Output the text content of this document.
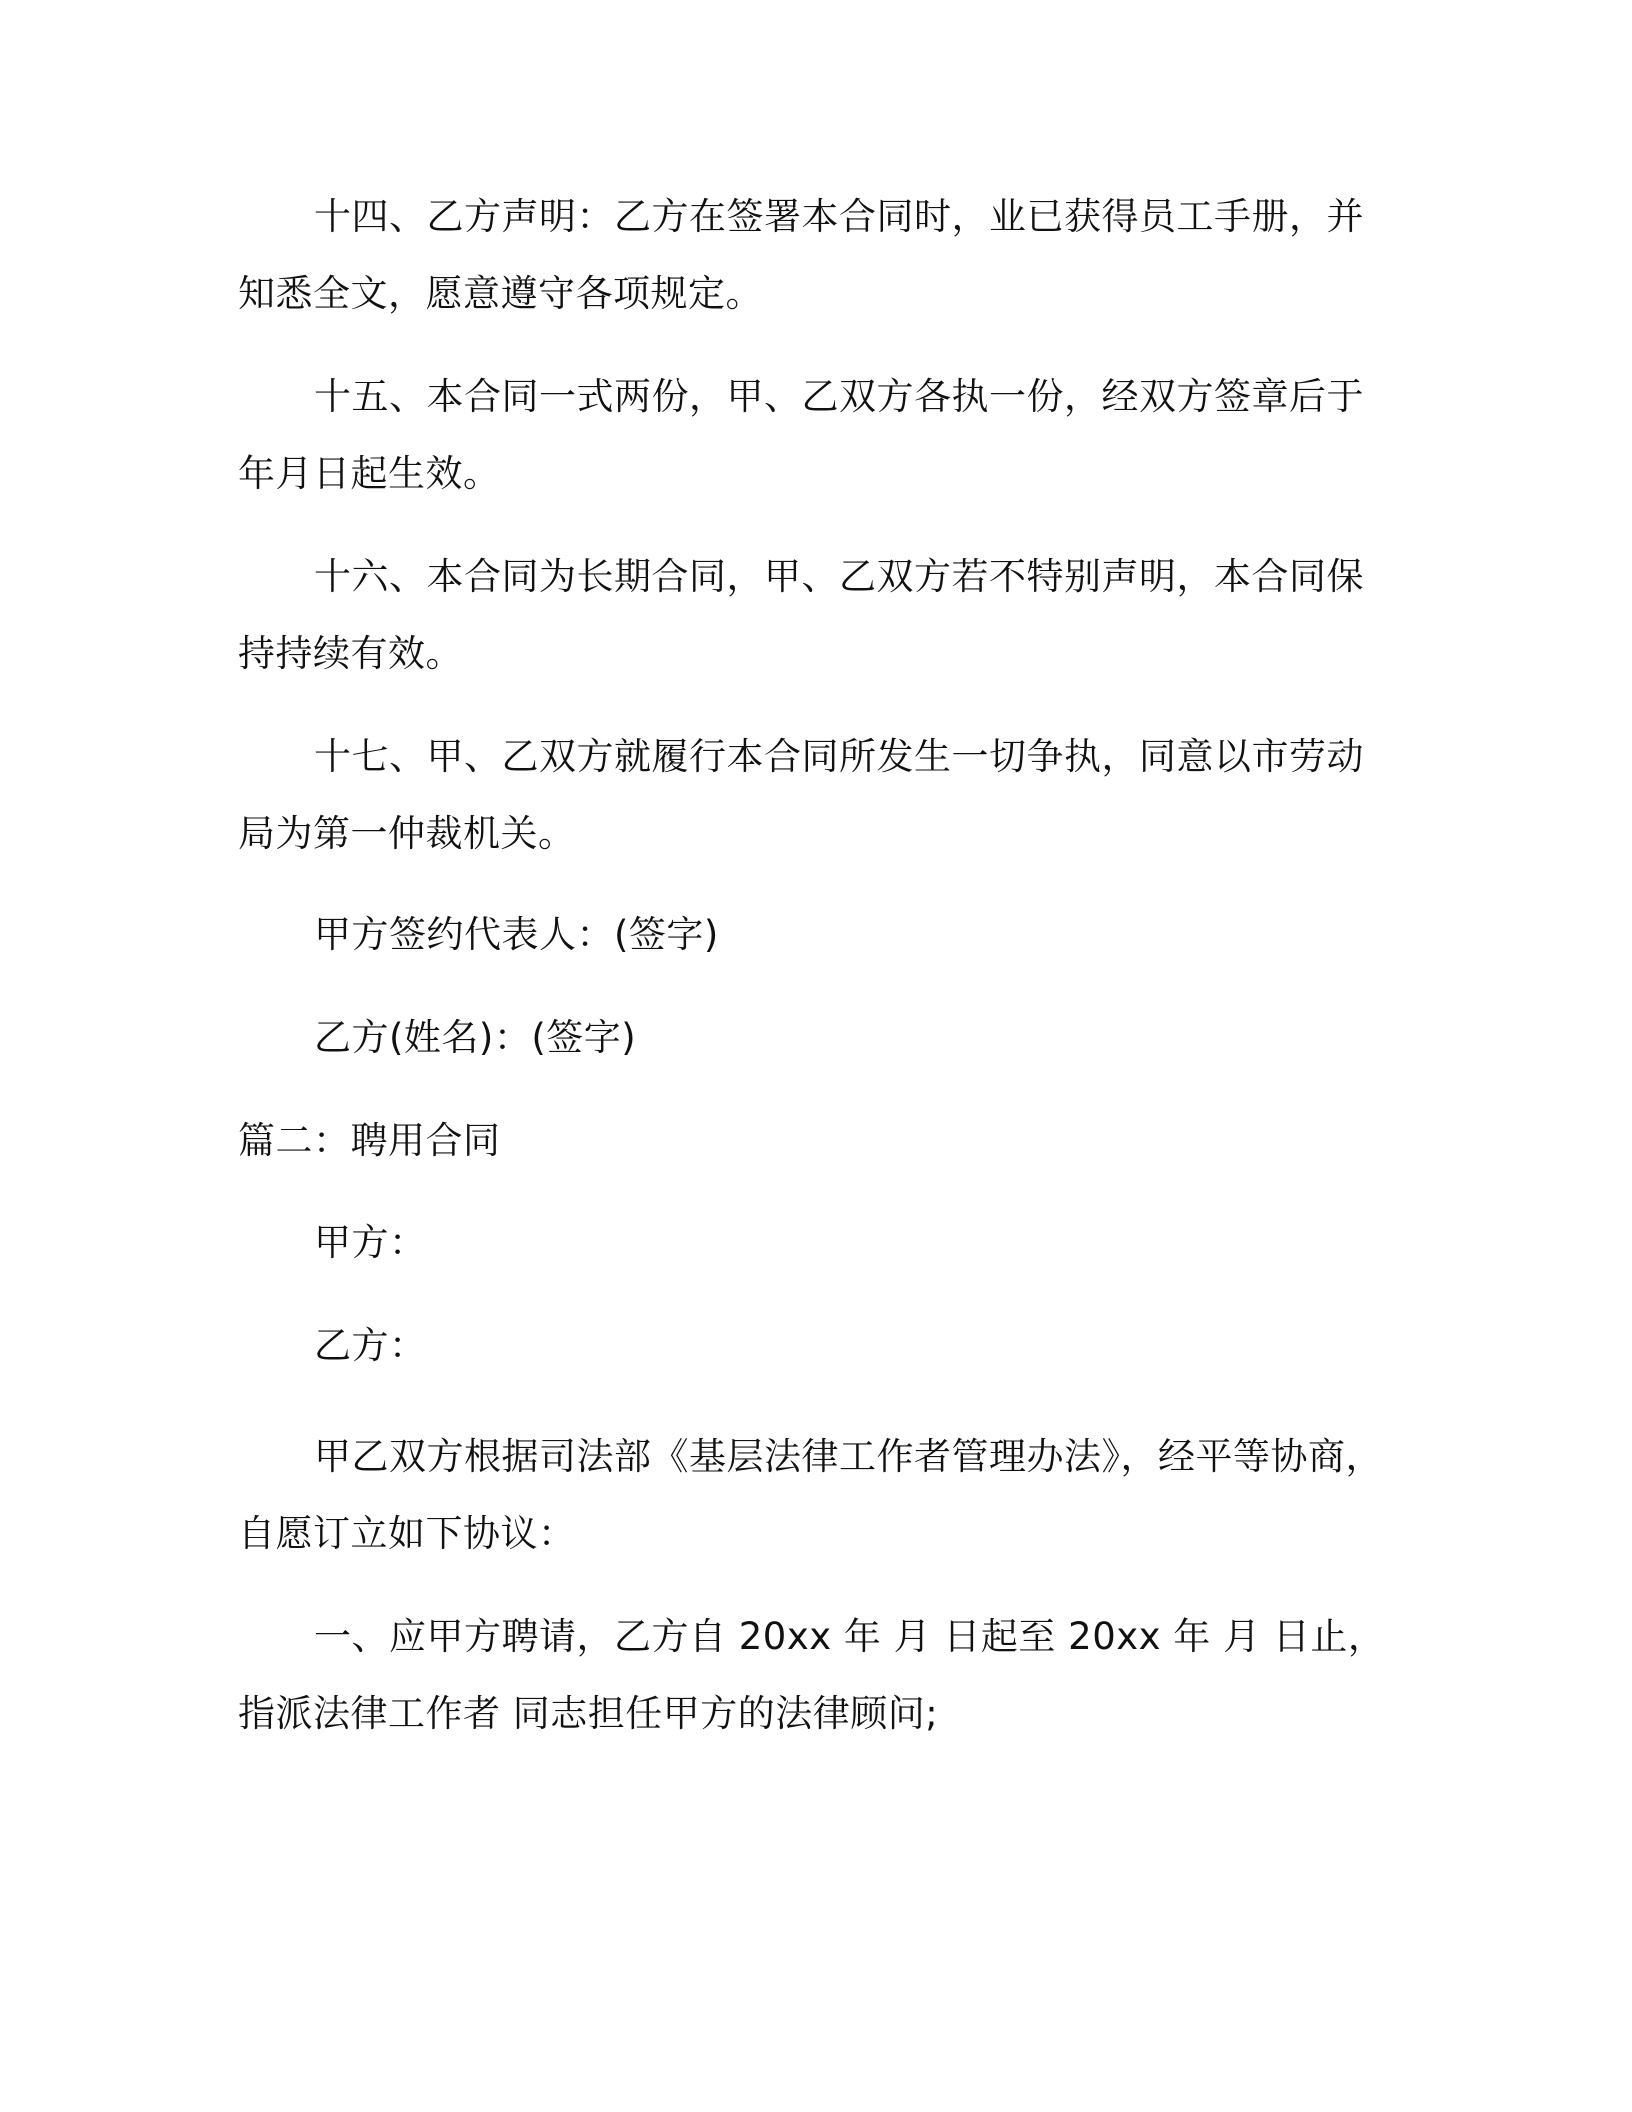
十四、乙方声明：乙方在签署本合同时，业已获得员工手册，并知悉全文，愿意遵守各项规定。

十五、本合同一式两份，甲、乙双方各执一份，经双方签章后于年月日起生效。

十六、本合同为长期合同，甲、乙双方若不特别声明，本合同保持持续有效。

十七、甲、乙双方就履行本合同所发生一切争执，同意以市劳动局为第一仲裁机关。

甲方签约代表人：(签字)

乙方(姓名)：(签字)

篇二：聘用合同

甲方：

乙方：

甲乙双方根据司法部《基层法律工作者管理办法》，经平等协商，自愿订立如下协议：

一、应甲方聘请，乙方自 20xx 年 月 日起至 20xx 年 月 日止，指派法律工作者 同志担任甲方的法律顾问;
